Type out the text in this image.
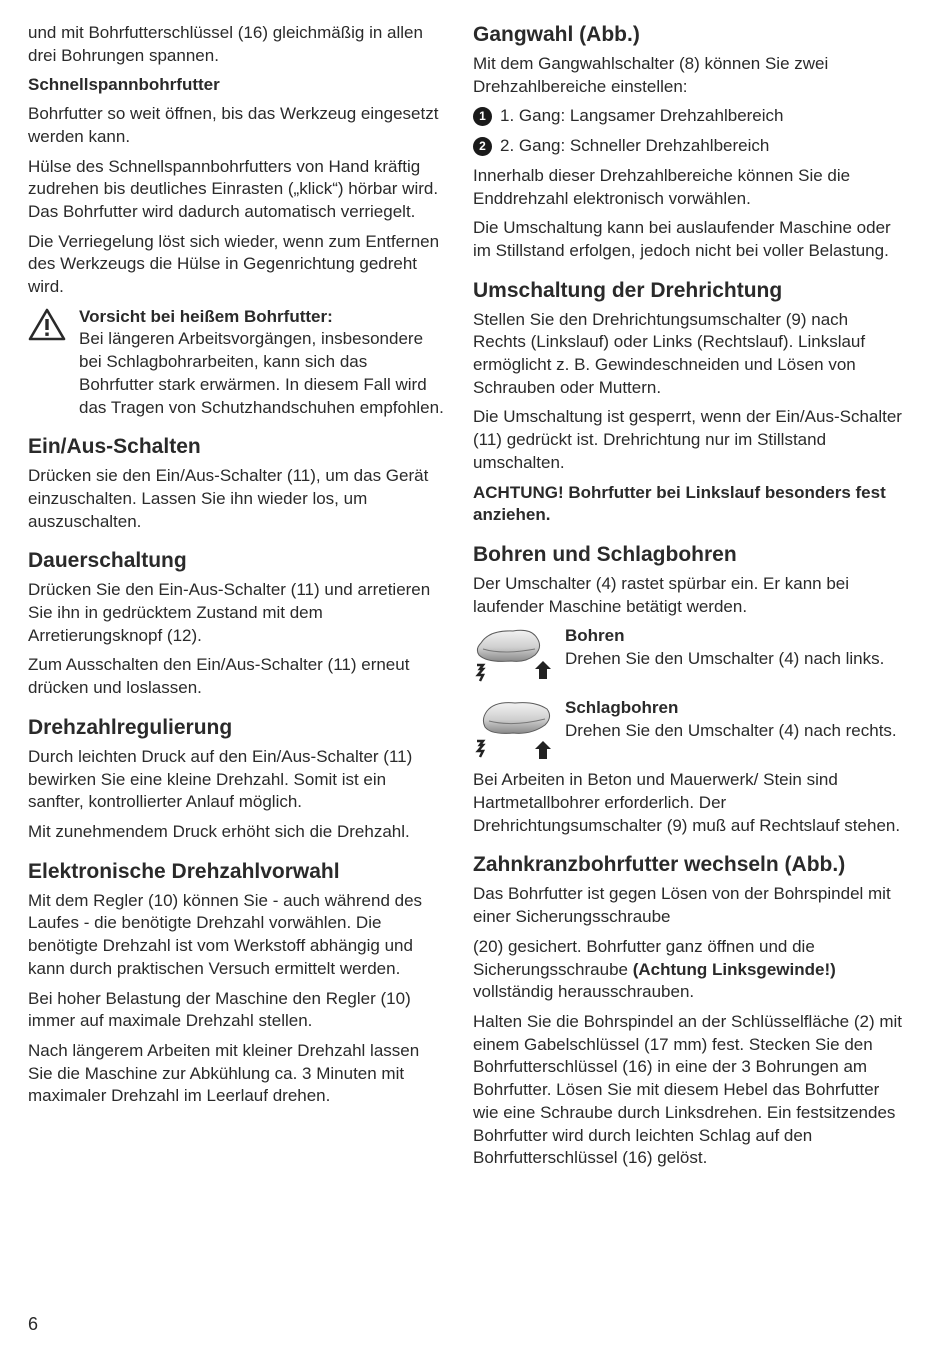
und mit Bohrfutterschlüssel (16) gleichmäßig in allen drei Bohrungen spannen.

Schnellspannbohrfutter

Bohrfutter so weit öffnen, bis das Werkzeug eingesetzt werden kann.

Hülse des Schnellspannbohrfutters von Hand kräftig zudrehen bis deutliches Einrasten („klick“) hörbar wird. Das Bohrfutter wird dadurch automatisch verriegelt.

Die Verriegelung löst sich wieder, wenn zum Entfernen des Werkzeugs die Hülse in Gegenrichtung gedreht wird.

Vorsicht bei heißem Bohrfutter:

Bei längeren Arbeitsvorgängen, insbesondere bei Schlagbohrarbeiten, kann sich das Bohrfutter stark erwärmen. In diesem Fall wird das Tragen von Schutzhandschuhen empfohlen.

Ein/Aus-Schalten

Drücken sie den Ein/Aus-Schalter (11), um das Gerät einzuschalten. Lassen Sie ihn wieder los, um auszuschalten.

Dauerschaltung

Drücken Sie den Ein-Aus-Schalter (11) und arretieren Sie ihn in gedrücktem Zustand mit dem Arretierungsknopf (12).

Zum Ausschalten den Ein/Aus-Schalter (11) erneut drücken und loslassen.

Drehzahlregulierung

Durch leichten Druck auf den Ein/Aus-Schalter (11) bewirken Sie eine kleine Drehzahl. Somit ist ein sanfter, kontrollierter Anlauf möglich.

Mit zunehmendem Druck erhöht sich die Drehzahl.

Elektronische Drehzahlvorwahl

Mit dem Regler (10) können Sie - auch während des Laufes - die benötigte Drehzahl vorwählen. Die benötigte Drehzahl ist vom Werkstoff abhängig und kann durch praktischen Versuch ermittelt werden.

Bei hoher Belastung der Maschine den Regler (10) immer auf maximale Drehzahl stellen.

Nach längerem Arbeiten mit kleiner Drehzahl lassen Sie die Maschine zur Abkühlung ca. 3 Minuten mit maximaler Drehzahl im Leerlauf drehen.

Gangwahl (Abb.)

Mit dem Gangwahlschalter (8) können Sie zwei Drehzahlbereiche einstellen:

1 1. Gang: Langsamer Drehzahlbereich
2 2. Gang: Schneller Drehzahlbereich

Innerhalb dieser Drehzahlbereiche können Sie die Enddrehzahl elektronisch vorwählen.

Die Umschaltung kann bei auslaufender Maschine oder im Stillstand erfolgen, jedoch nicht bei voller Belastung.

Umschaltung der Drehrichtung

Stellen Sie den Drehrichtungsumschalter (9) nach Rechts (Linkslauf) oder Links (Rechtslauf). Linkslauf ermöglicht z. B. Gewindeschneiden und Lösen von Schrauben oder Muttern.

Die Umschaltung ist gesperrt, wenn der Ein/Aus-Schalter (11) gedrückt ist. Drehrichtung nur im Stillstand umschalten.

ACHTUNG! Bohrfutter bei Linkslauf besonders fest anziehen.

Bohren und Schlagbohren

Der Umschalter (4) rastet spürbar ein. Er kann bei laufender Maschine betätigt werden.

Bohren

Drehen Sie den Umschalter (4) nach links.

Schlagbohren

Drehen Sie den Umschalter (4) nach rechts.

Bei Arbeiten in Beton und Mauerwerk/ Stein sind Hartmetallbohrer erforderlich. Der Drehrichtungsumschalter (9) muß auf Rechtslauf stehen.

Zahnkranzbohrfutter wechseln (Abb.)

Das Bohrfutter ist gegen Lösen von der Bohrspindel mit einer Sicherungsschraube

(20) gesichert. Bohrfutter ganz öffnen und die Sicherungsschraube (Achtung Linksgewinde!) vollständig herausschrauben.

Halten Sie die Bohrspindel an der Schlüsselfläche (2) mit einem Gabelschlüssel (17 mm) fest. Stecken Sie den Bohrfutterschlüssel (16) in eine der 3 Bohrungen am Bohrfutter. Lösen Sie mit diesem Hebel das Bohrfutter wie eine Schraube durch Linksdrehen. Ein festsitzendes Bohrfutter wird durch leichten Schlag auf den Bohrfutterschlüssel (16) gelöst.

6
